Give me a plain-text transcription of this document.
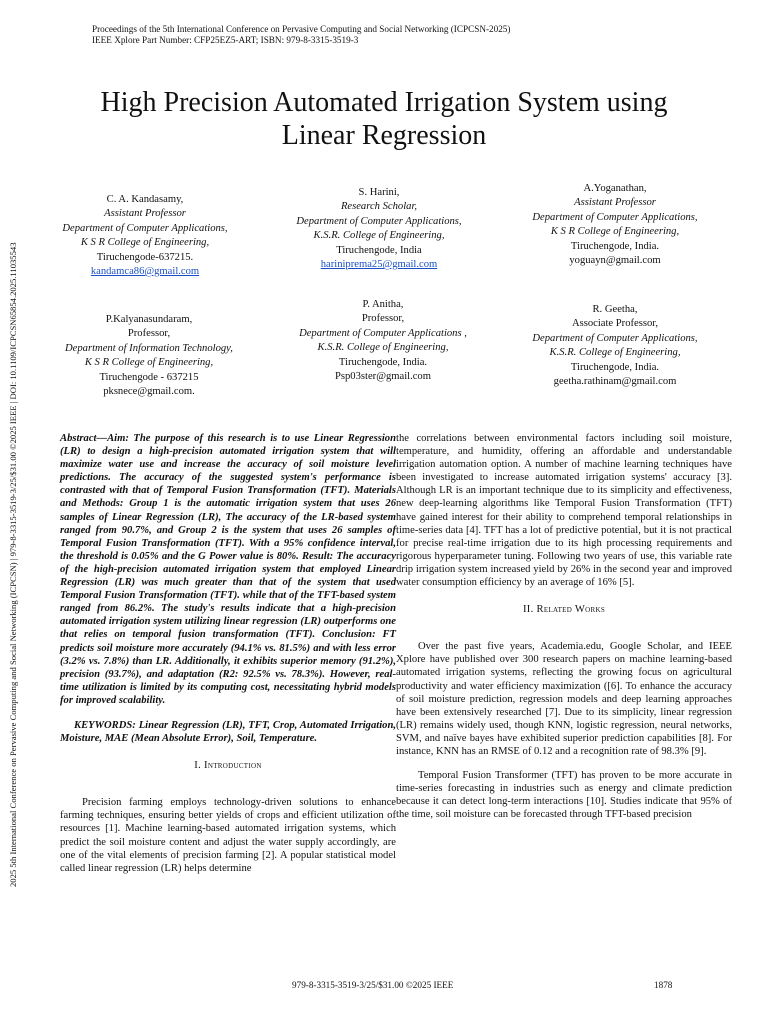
Proceedings of the 5th International Conference on Pervasive Computing and Social Networking (ICPCSN-2025)
IEEE Xplore Part Number: CFP25EZ5-ART; ISBN: 979-8-3315-3519-3
2025 5th International Conference on Pervasive Computing and Social Networking (ICPCSN) | 979-8-3315-3519-3/25/$31.00 ©2025 IEEE | DOI: 10.1109/ICPCSN65854.2025.11035543
High Precision Automated Irrigation System using
Linear Regression
C. A. Kandasamy,
Assistant Professor
Department of Computer Applications,
K S R College of Engineering,
Tiruchengode-637215.
kandamca86@gmail.com
S. Harini,
Research Scholar,
Department of Computer Applications,
K.S.R. College of Engineering,
Tiruchengode, India
hariniprema25@gmail.com
A.Yoganathan,
Assistant Professor
Department of Computer Applications,
K S R College of Engineering,
Tiruchengode, India.
yoguayn@gmail.com
P.Kalyanasundaram,
Professor,
Department of Information Technology,
K S R College of Engineering,
Tiruchengode - 637215
pksnece@gmail.com.
P. Anitha,
Professor,
Department of Computer Applications ,
K.S.R. College of Engineering,
Tiruchengode, India.
Psp03ster@gmail.com
R. Geetha,
Associate Professor,
Department of Computer Applications,
K.S.R. College of Engineering,
Tiruchengode, India.
geetha.rathinam@gmail.com

Abstract—Aim: The purpose of this research is to use Linear Regression (LR) to design a high-precision automated irrigation system that will maximize water use and increase the accuracy of soil moisture level predictions. The accuracy of the suggested system's performance is contrasted with that of Temporal Fusion Transformation (TFT). Materials and Methods: Group 1 is the automatic irrigation system that uses 26 samples of Linear Regression (LR), The accuracy of the LR-based system ranged from 90.7%, and Group 2 is the system that uses 26 samples of Temporal Fusion Transformation (TFT). With a 95% confidence interval, the threshold is 0.05% and the G Power value is 80%. Result: The accuracy of the high-precision automated irrigation system that employed Linear Regression (LR) was much greater than that of the system that used Temporal Fusion Transformation (TFT). while that of the TFT-based system ranged from 86.2%. The study's results indicate that a high-precision automated irrigation system utilizing linear regression (LR) outperforms one that relies on temporal fusion transformation (TFT). Conclusion: FT predicts soil moisture more accurately (94.1% vs. 81.5%) and with less error (3.2% vs. 7.8%) than LR. Additionally, it exhibits superior memory (91.2%), precision (93.7%), and adaptation (R2: 92.5% vs. 78.3%). However, real-time utilization is limited by its computing cost, necessitating hybrid models for improved scalability.

KEYWORDS: Linear Regression (LR), TFT, Crop, Automated Irrigation, Moisture, MAE (Mean Absolute Error), Soil, Temperature.

I. Introduction

Precision farming employs technology-driven solutions to enhance farming techniques, ensuring better yields of crops and efficient utilization of resources [1]. Machine learning-based automated irrigation systems, which predict the soil moisture content and adjust the water supply accordingly, are one of the vital elements of precision farming [2]. A popular statistical model called linear regression (LR) helps determine

the correlations between environmental factors including soil moisture, temperature, and humidity, offering an affordable and understandable irrigation automation option. A number of machine learning techniques have been investigated to increase automated irrigation systems' accuracy [3]. Although LR is an important technique due to its simplicity and effectiveness, new deep-learning algorithms like Temporal Fusion Transformation (TFT) have gained interest for their ability to comprehend temporal relationships in time-series data [4]. TFT has a lot of predictive potential, but it is not practical for precise real-time irrigation due to its high processing requirements and rigorous hyperparameter tuning. Following two years of use, this variable rate drip irrigation system increased yield by 26% in the second year and improved water consumption efficiency by an average of 16% [5].

II. Related Works

Over the past five years, Academia.edu, Google Scholar, and IEEE Xplore have published over 300 research papers on machine learning-based automated irrigation systems, reflecting the growing focus on agricultural productivity and water efficiency maximization ([6]. To enhance the accuracy of soil moisture prediction, regression models and deep learning approaches have been extensively researched [7]. Due to its simplicity, linear regression (LR) remains widely used, though KNN, logistic regression, neural networks, SVM, and naïve bayes have exhibited superior prediction capabilities [8]. For instance, KNN has an RMSE of 0.12 and a recognition rate of 98.3% [9].

Temporal Fusion Transformer (TFT) has proven to be more accurate in time-series forecasting in industries such as energy and climate prediction because it can detect long-term interactions [10]. Studies indicate that 95% of the time, soil moisture can be forecasted through TFT-based precision

979-8-3315-3519-3/25/$31.00 ©2025 IEEE	1878
